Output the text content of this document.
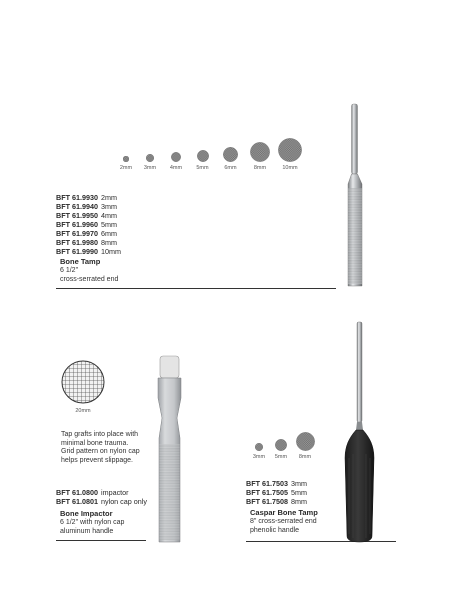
2mm 3mm	4mm	5mm	6mm	8mm	10mm
BFT 61.9930 2mm
BFT 61.9940 3mm
BFT 61.9950 4mm
BFT 61.9960 5mm
BFT 61.9970 6mm
BFT 61.9980 8mm
BFT 61.9990 10mm
Bone Tamp
6 1/2"
cross-serrated end
20mm
Tap grafts into place with
minimal bone trauma.
Grid pattern on nylon cap
helps prevent slippage.
BFT 61.0800 impactor
BFT 61.0801 nylon cap only
Bone Impactor
6 1/2" with nylon cap
aluminum handle
3mm 5mm 8mm
BFT 61.7503 3mm
BFT 61.7505 5mm
BFT 61.7508 8mm
Caspar Bone Tamp
8" cross-serrated end
phenolic handle
